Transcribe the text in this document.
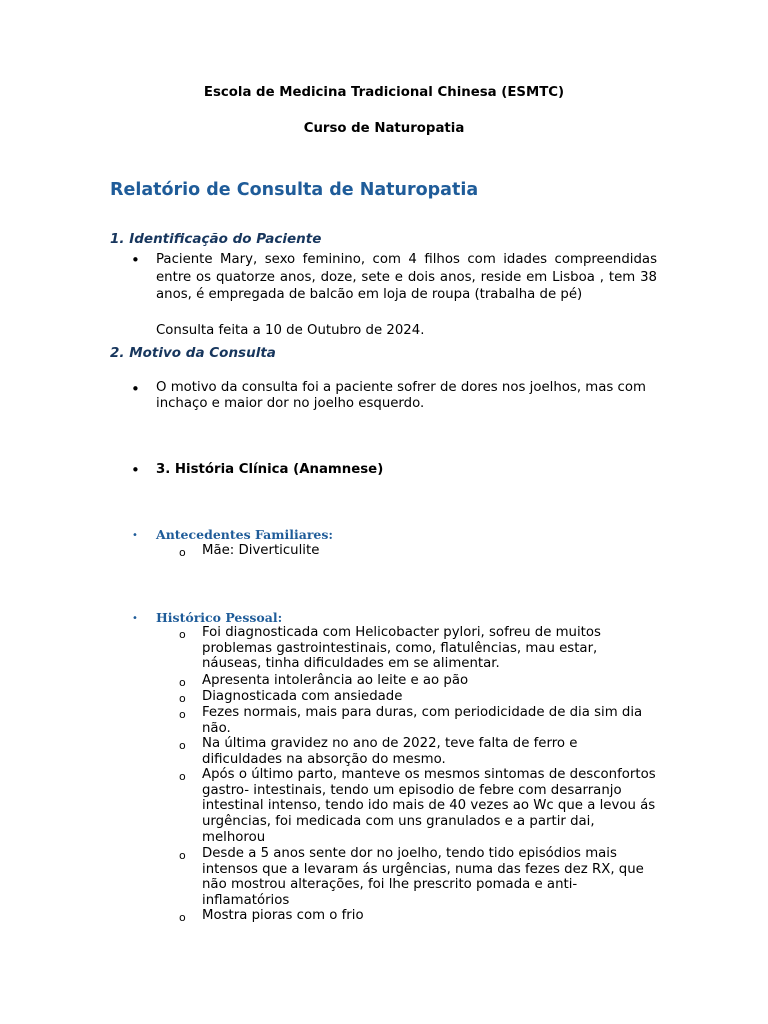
Escola de Medicina Tradicional Chinesa (ESMTC)
Curso de Naturopatia
Relatório de Consulta de Naturopatia
1. Identificação do Paciente
• Paciente Mary, sexo feminino, com 4 filhos com idades compreendidas entre os quatorze anos, doze, sete e dois anos, reside em Lisboa , tem 38 anos, é empregada de balcão em loja de roupa (trabalha de pé)
Consulta feita a 10 de Outubro de 2024.
2. Motivo da Consulta
• O motivo da consulta foi a paciente sofrer de dores nos joelhos, mas com inchaço e maior dor no joelho esquerdo.
• 3. História Clínica (Anamnese)
• Antecedentes Familiares:
o Mãe: Diverticulite
• Histórico Pessoal:
o Foi diagnosticada com Helicobacter pylori, sofreu de muitos problemas gastrointestinais, como, flatulências, mau estar, náuseas, tinha dificuldades em se alimentar.
o Apresenta intolerância ao leite e ao pão
o Diagnosticada com ansiedade
o Fezes normais, mais para duras, com periodicidade de dia sim dia não.
o Na última gravidez no ano de 2022, teve falta de ferro e dificuldades na absorção do mesmo.
o Após o último parto, manteve os mesmos sintomas de desconfortos gastro- intestinais, tendo um episodio de febre com desarranjo intestinal intenso, tendo ido mais de 40 vezes ao Wc que a levou ás urgências, foi medicada com uns granulados e a partir dai, melhorou
o Desde a 5 anos sente dor no joelho, tendo tido episódios mais intensos que a levaram ás urgências, numa das fezes dez RX, que não mostrou alterações, foi lhe prescrito pomada e anti-inflamatórios
o Mostra pioras com o frio
